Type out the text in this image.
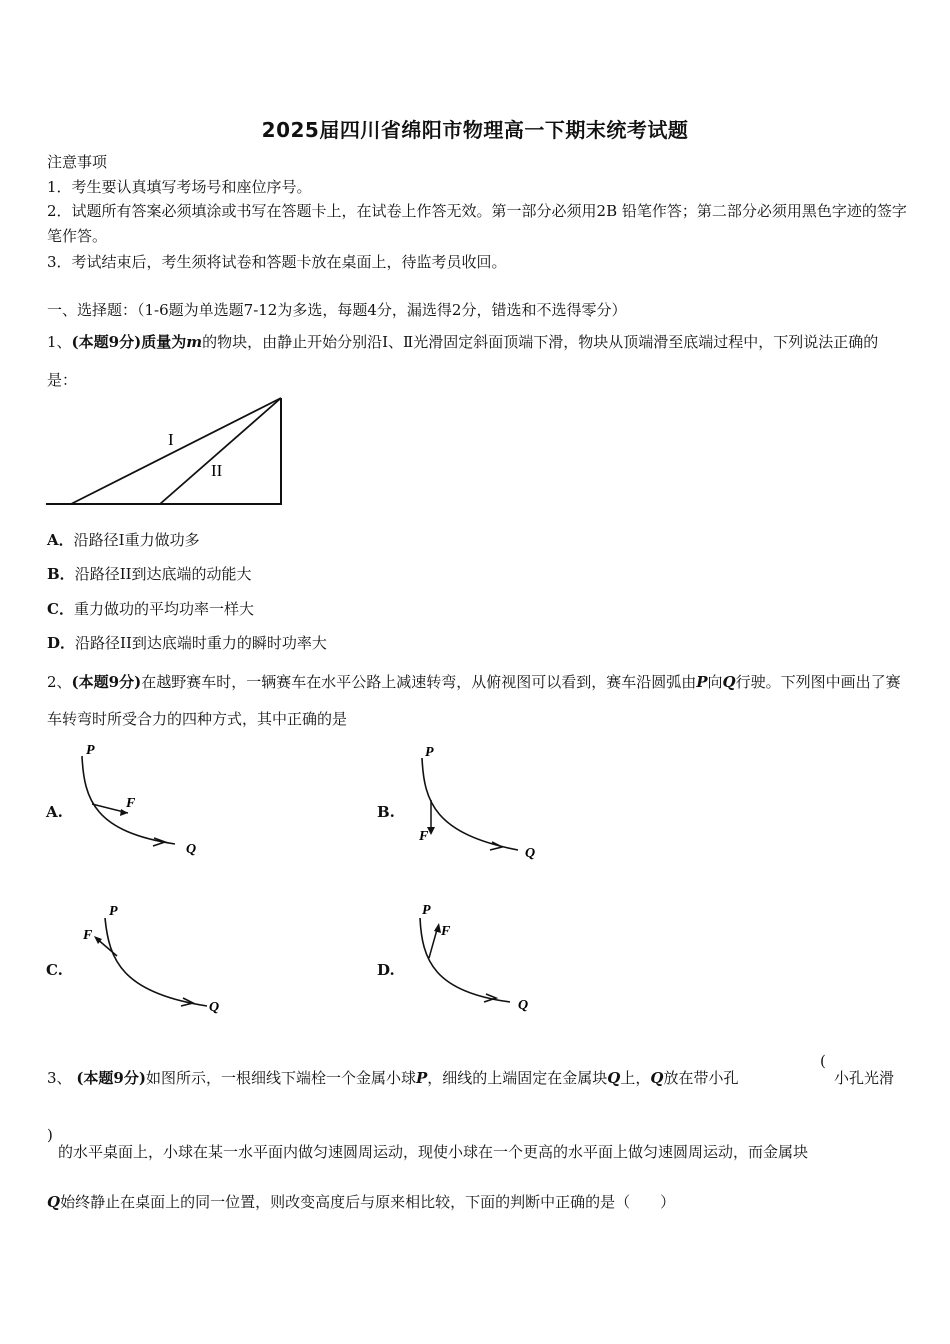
2025届四川省绵阳市物理高一下期末统考试题
注意事项
1．考生要认真填写考场号和座位序号。
2．试题所有答案必须填涂或书写在答题卡上，在试卷上作答无效。第一部分必须用2B 铅笔作答；第二部分必须用黑色字迹的签字笔作答。
3．考试结束后，考生须将试卷和答题卡放在桌面上，待监考员收回。
一、选择题：（1-6题为单选题7-12为多选，每题4分，漏选得2分，错选和不选得零分）
1、(本题9分)质量为m的物块，由静止开始分别沿Ⅰ、Ⅱ光滑固定斜面顶端下滑，物块从顶端滑至底端过程中，下列说法正确的是：
I
II
A．沿路径Ⅰ重力做功多
B．沿路径II到达底端的动能大
C．重力做功的平均功率一样大
D．沿路径II到达底端时重力的瞬时功率大
2、(本题9分)在越野赛车时，一辆赛车在水平公路上减速转弯，从俯视图可以看到，赛车沿圆弧由P向Q行驶。下列图中画出了赛车转弯时所受合力的四种方式，其中正确的是
A.
P
F
Q
B.
P
F
Q
C.
P
F
Q
D.
P
F
Q
3、 (本题9分)如图所示，一根细线下端栓一个金属小球P，细线的上端固定在金属块Q上，Q放在带小孔
(
小孔光滑
)
的水平桌面上，小球在某一水平面内做匀速圆周运动，现使小球在一个更高的水平面上做匀速圆周运动，而金属块
Q始终静止在桌面上的同一位置，则改变高度后与原来相比较，下面的判断中正确的是（　　）
